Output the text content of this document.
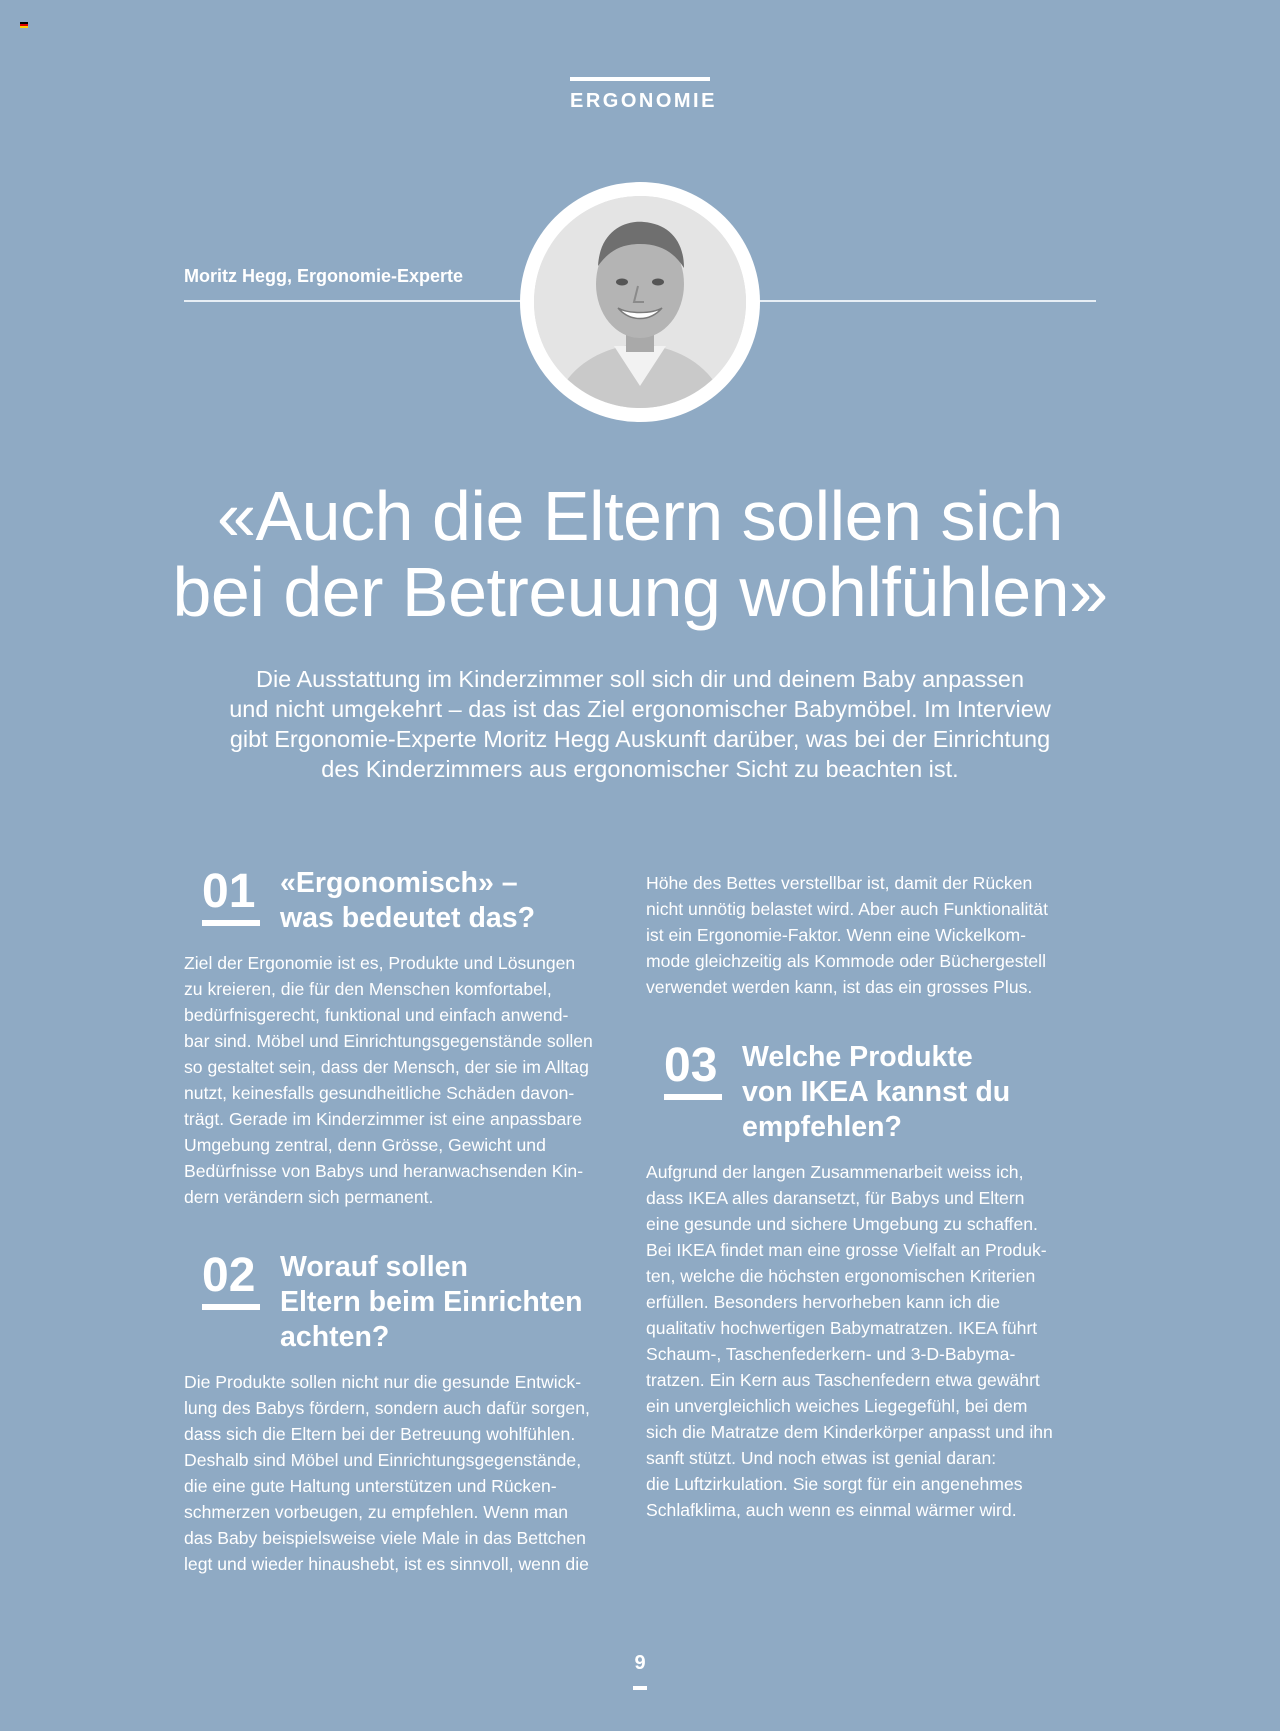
ERGONOMIE
Moritz Hegg, Ergonomie-Experte
«Auch die Eltern sollen sich
bei der Betreuung wohlfühlen»

Die Ausstattung im Kinderzimmer soll sich dir und deinem Baby anpassen
und nicht umgekehrt – das ist das Ziel ergonomischer Babymöbel. Im Interview
gibt Ergonomie-Experte Moritz Hegg Auskunft darüber, was bei der Einrichtung
des Kinderzimmers aus ergonomischer Sicht zu beachten ist.

01 «Ergonomisch» –
was bedeutet das?

Ziel der Ergonomie ist es, Produkte und Lösungen
zu kreieren, die für den Menschen komfortabel,
bedürfnisgerecht, funktional und einfach anwend-
bar sind. Möbel und Einrichtungsgegenstände sollen
so gestaltet sein, dass der Mensch, der sie im Alltag
nutzt, keinesfalls gesundheitliche Schäden davon-
trägt. Gerade im Kinderzimmer ist eine anpassbare
Umgebung zentral, denn Grösse, Gewicht und
Bedürfnisse von Babys und heranwachsenden Kin-
dern verändern sich permanent.

02 Worauf sollen
Eltern beim Einrichten
achten?

Die Produkte sollen nicht nur die gesunde Entwick-
lung des Babys fördern, sondern auch dafür sorgen,
dass sich die Eltern bei der Betreuung wohlfühlen.
Deshalb sind Möbel und Einrichtungsgegenstände,
die eine gute Haltung unterstützen und Rücken-
schmerzen vorbeugen, zu empfehlen. Wenn man
das Baby beispielsweise viele Male in das Bettchen
legt und wieder hinaushebt, ist es sinnvoll, wenn die

Höhe des Bettes verstellbar ist, damit der Rücken
nicht unnötig belastet wird. Aber auch Funktionalität
ist ein Ergonomie-Faktor. Wenn eine Wickelkom-
mode gleichzeitig als Kommode oder Büchergestell
verwendet werden kann, ist das ein grosses Plus.

03 Welche Produkte
von IKEA kannst du
empfehlen?

Aufgrund der langen Zusammenarbeit weiss ich,
dass IKEA alles daransetzt, für Babys und Eltern
eine gesunde und sichere Umgebung zu schaffen.
Bei IKEA findet man eine grosse Vielfalt an Produk-
ten, welche die höchsten ergonomischen Kriterien
erfüllen. Besonders hervorheben kann ich die
qualitativ hochwertigen Babymatratzen. IKEA führt
Schaum-, Taschenfederkern- und 3-D-Babyma-
tratzen. Ein Kern aus Taschenfedern etwa gewährt
ein unvergleichlich weiches Liegegefühl, bei dem
sich die Matratze dem Kinderkörper anpasst und ihn
sanft stützt. Und noch etwas ist genial daran:
die Luftzirkulation. Sie sorgt für ein angenehmes
Schlafklima, auch wenn es einmal wärmer wird.

9
